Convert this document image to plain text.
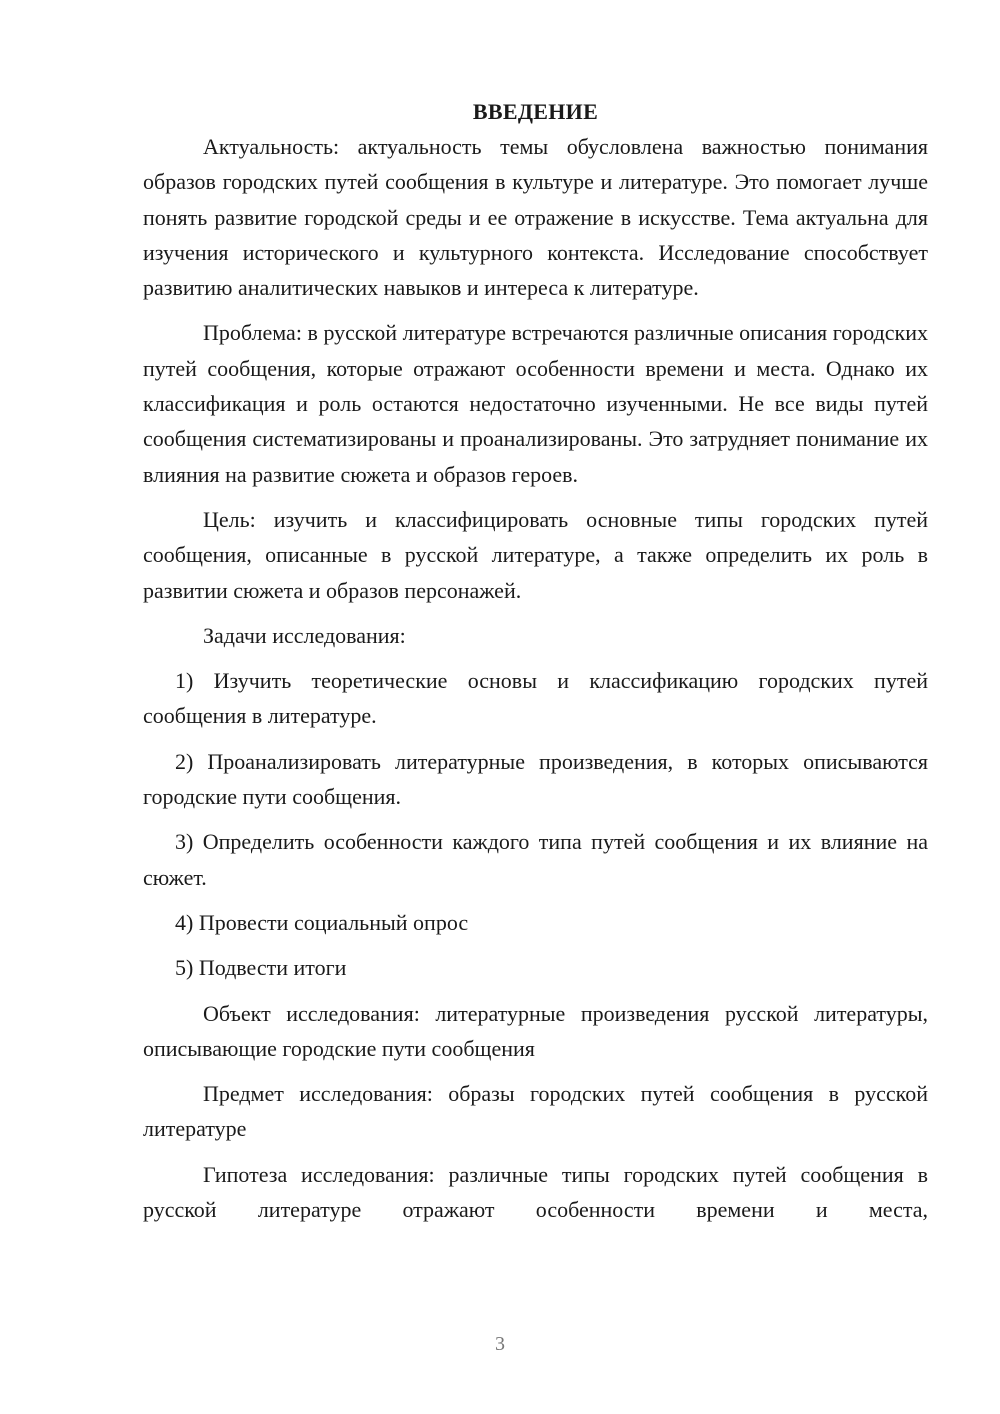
ВВЕДЕНИЕ

Актуальность: актуальность темы обусловлена важностью понимания образов городских путей сообщения в культуре и литературе. Это помогает лучше понять развитие городской среды и ее отражение в искусстве. Тема актуальна для изучения исторического и культурного контекста. Исследование способствует развитию аналитических навыков и интереса к литературе.

Проблема: в русской литературе встречаются различные описания городских путей сообщения, которые отражают особенности времени и места. Однако их классификация и роль остаются недостаточно изученными. Не все виды путей сообщения систематизированы и проанализированы. Это затрудняет понимание их влияния на развитие сюжета и образов героев.

Цель: изучить и классифицировать основные типы городских путей сообщения, описанные в русской литературе, а также определить их роль в развитии сюжета и образов персонажей.

Задачи исследования:

1) Изучить теоретические основы и классификацию городских путей сообщения в литературе.

2) Проанализировать литературные произведения, в которых описываются городские пути сообщения.

3) Определить особенности каждого типа путей сообщения и их влияние на сюжет.

4) Провести социальный опрос

5) Подвести итоги

Объект исследования: литературные произведения русской литературы, описывающие городские пути сообщения

Предмет исследования: образы городских путей сообщения в русской литературе

Гипотеза исследования: различные типы городских путей сообщения в русской литературе отражают особенности времени и места,

3
